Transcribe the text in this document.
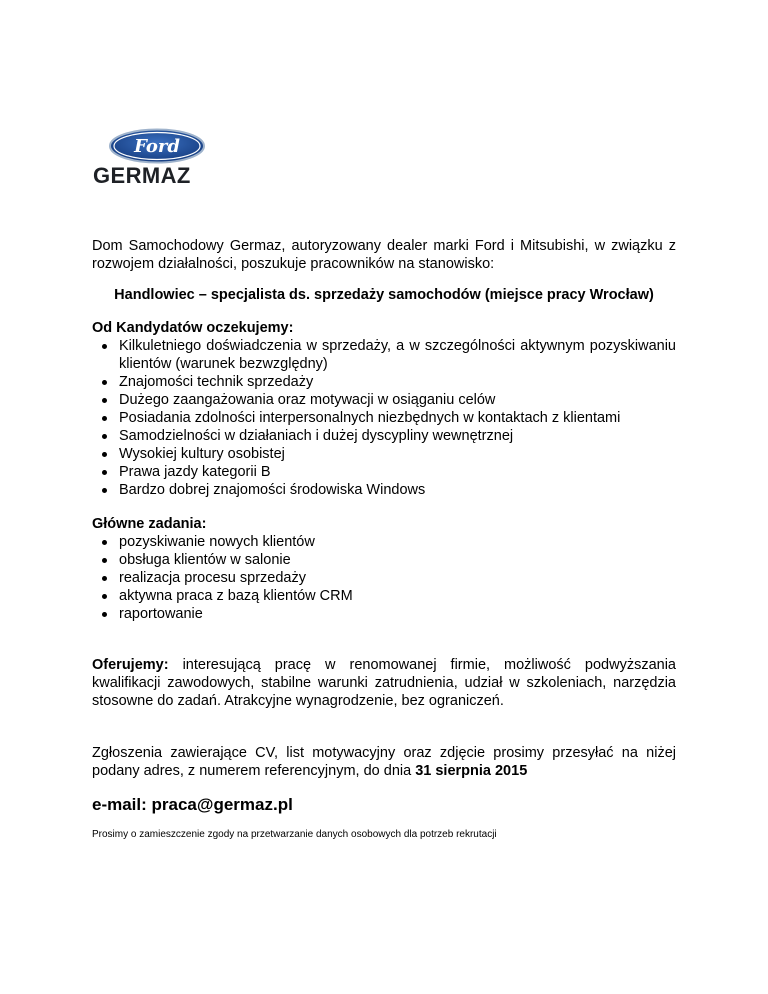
Ford
GERMAZ

Dom Samochodowy Germaz, autoryzowany dealer marki Ford i Mitsubishi, w związku z rozwojem działalności, poszukuje pracowników na stanowisko:

Handlowiec – specjalista ds. sprzedaży samochodów (miejsce pracy Wrocław)

Od Kandydatów oczekujemy:

Kilkuletniego doświadczenia w sprzedaży, a w szczególności aktywnym pozyskiwaniu klientów (warunek bezwzględny)
Znajomości technik sprzedaży
Dużego zaangażowania oraz motywacji w osiąganiu celów
Posiadania zdolności interpersonalnych niezbędnych w kontaktach z klientami
Samodzielności w działaniach i dużej dyscypliny wewnętrznej
Wysokiej kultury osobistej
Prawa jazdy kategorii B
Bardzo dobrej znajomości środowiska Windows

Główne zadania:

pozyskiwanie nowych klientów
obsługa klientów w salonie
realizacja procesu sprzedaży
aktywna praca z bazą klientów CRM
raportowanie

Oferujemy: interesującą pracę w renomowanej firmie, możliwość podwyższania kwalifikacji zawodowych, stabilne warunki zatrudnienia, udział w szkoleniach, narzędzia stosowne do zadań. Atrakcyjne wynagrodzenie, bez ograniczeń.

Zgłoszenia zawierające CV, list motywacyjny oraz zdjęcie prosimy przesyłać na niżej podany adres, z numerem referencyjnym, do dnia 31 sierpnia 2015

e-mail: praca@germaz.pl

Prosimy o zamieszczenie zgody na przetwarzanie danych osobowych dla potrzeb rekrutacji
